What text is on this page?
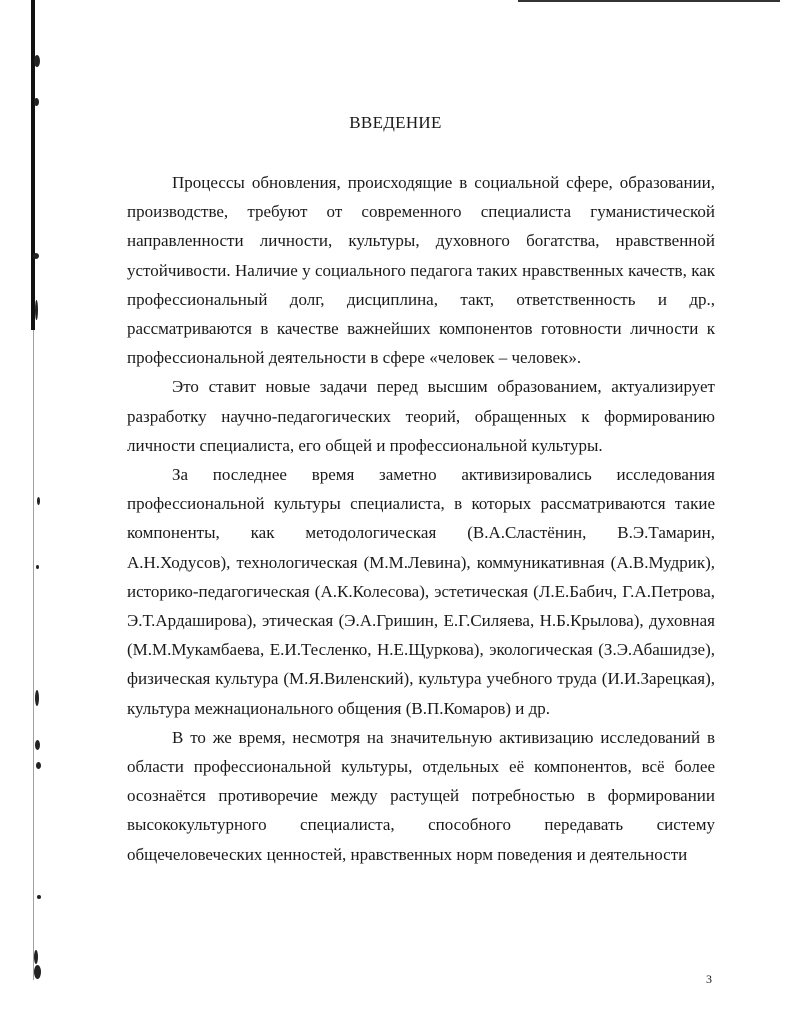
ВВЕДЕНИЕ

Процессы обновления, происходящие в социальной сфере, образовании, производстве, требуют от современного специалиста гуманистической направленности личности, культуры, духовного богатства, нравственной устойчивости. Наличие у социального педагога таких нравственных качеств, как профессиональный долг, дисциплина, такт, ответственность и др., рассматриваются в качестве важнейших компонентов готовности личности к профессиональной деятельности в сфере «человек – человек».

Это ставит новые задачи перед высшим образованием, актуализирует разработку научно-педагогических теорий, обращенных к формированию личности специалиста, его общей и профессиональной культуры.

За последнее время заметно активизировались исследования профессиональной культуры специалиста, в которых рассматриваются такие компоненты, как методологическая (В.А.Сластёнин, В.Э.Тамарин, А.Н.Ходусов), технологическая (М.М.Левина), коммуникативная (А.В.Мудрик), историко-педагогическая (А.К.Колесова), эстетическая (Л.Е.Бабич, Г.А.Петрова, Э.Т.Ардаширова), этическая (Э.А.Гришин, Е.Г.Силяева, Н.Б.Крылова), духовная (М.М.Мукамбаева, Е.И.Тесленко, Н.Е.Щуркова), экологическая (З.Э.Абашидзе), физическая культура (М.Я.Виленский), культура учебного труда (И.И.Зарецкая), культура межнационального общения (В.П.Комаров) и др.

В то же время, несмотря на значительную активизацию исследований в области профессиональной культуры, отдельных её компонентов, всё более осознаётся противоречие между растущей потребностью в формировании высококультурного специалиста, способного передавать систему общечеловеческих ценностей, нравственных норм поведения и деятельности

3
